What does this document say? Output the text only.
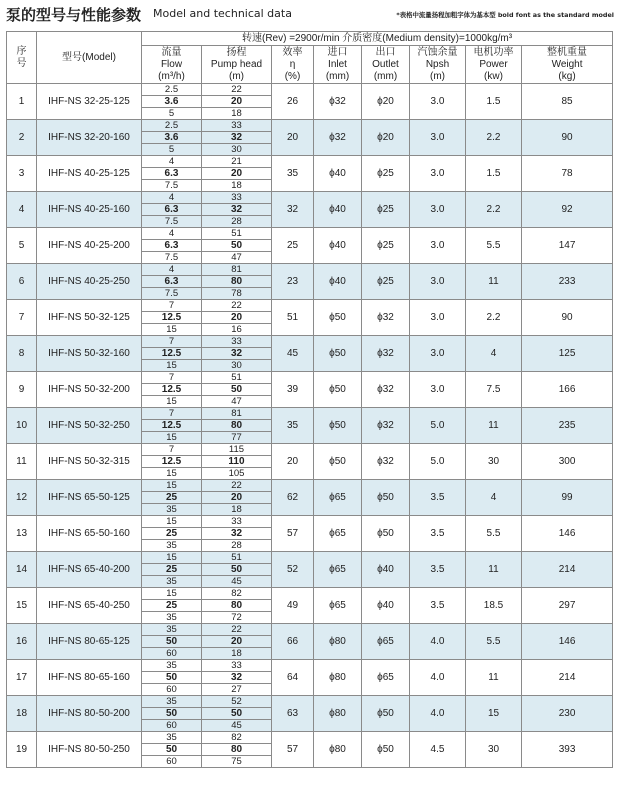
泵的型号与性能参数 Model and technical data	*表格中流量扬程加粗字体为基本型 bold font as the standard model
序
号	型号(Model)	转速(Rev) =2900r/min 介质密度(Medium density)=1000kg/m³							

		流量
Flow
(m³/h)	扬程
Pump head
(m)	效率
η
(%)	进口
Inlet
(mm)	出口
Outlet
(mm)	汽蚀余量
Npsh
(m)	电机功率
Power
(kw)	整机重量
Weight
(kg)

1	IHF-NS 32-25-125	2.5	22	26	ϕ32	ϕ20	3.0	1.5	85
		3.6	20						
		5	18						
2	IHF-NS 32-20-160	2.5	33	20	ϕ32	ϕ20	3.0	2.2	90
		3.6	32						
		5	30						
3	IHF-NS 40-25-125	4	21	35	ϕ40	ϕ25	3.0	1.5	78
		6.3	20						
		7.5	18						
4	IHF-NS 40-25-160	4	33	32	ϕ40	ϕ25	3.0	2.2	92
		6.3	32						
		7.5	28						
5	IHF-NS 40-25-200	4	51	25	ϕ40	ϕ25	3.0	5.5	147
		6.3	50						
		7.5	47						
6	IHF-NS 40-25-250	4	81	23	ϕ40	ϕ25	3.0	11	233
		6.3	80						
		7.5	78						
7	IHF-NS 50-32-125	7	22	51	ϕ50	ϕ32	3.0	2.2	90
		12.5	20						
		15	16						
8	IHF-NS 50-32-160	7	33	45	ϕ50	ϕ32	3.0	4	125
		12.5	32						
		15	30						
9	IHF-NS 50-32-200	7	51	39	ϕ50	ϕ32	3.0	7.5	166
		12.5	50						
		15	47						
10	IHF-NS 50-32-250	7	81	35	ϕ50	ϕ32	5.0	11	235
		12.5	80						
		15	77						
11	IHF-NS 50-32-315	7	115	20	ϕ50	ϕ32	5.0	30	300
		12.5	110						
		15	105						
12	IHF-NS 65-50-125	15	22	62	ϕ65	ϕ50	3.5	4	99
		25	20						
		35	18						
13	IHF-NS 65-50-160	15	33	57	ϕ65	ϕ50	3.5	5.5	146
		25	32						
		35	28						
14	IHF-NS 65-40-200	15	51	52	ϕ65	ϕ40	3.5	11	214
		25	50						
		35	45						
15	IHF-NS 65-40-250	15	82	49	ϕ65	ϕ40	3.5	18.5	297
		25	80						
		35	72						
16	IHF-NS 80-65-125	35	22	66	ϕ80	ϕ65	4.0	5.5	146
		50	20						
		60	18						
17	IHF-NS 80-65-160	35	33	64	ϕ80	ϕ65	4.0	11	214
		50	32						
		60	27						
18	IHF-NS 80-50-200	35	52	63	ϕ80	ϕ50	4.0	15	230
		50	50						
		60	45						
19	IHF-NS 80-50-250	35	82	57	ϕ80	ϕ50	4.5	30	393
		50	80						
		60	75						
